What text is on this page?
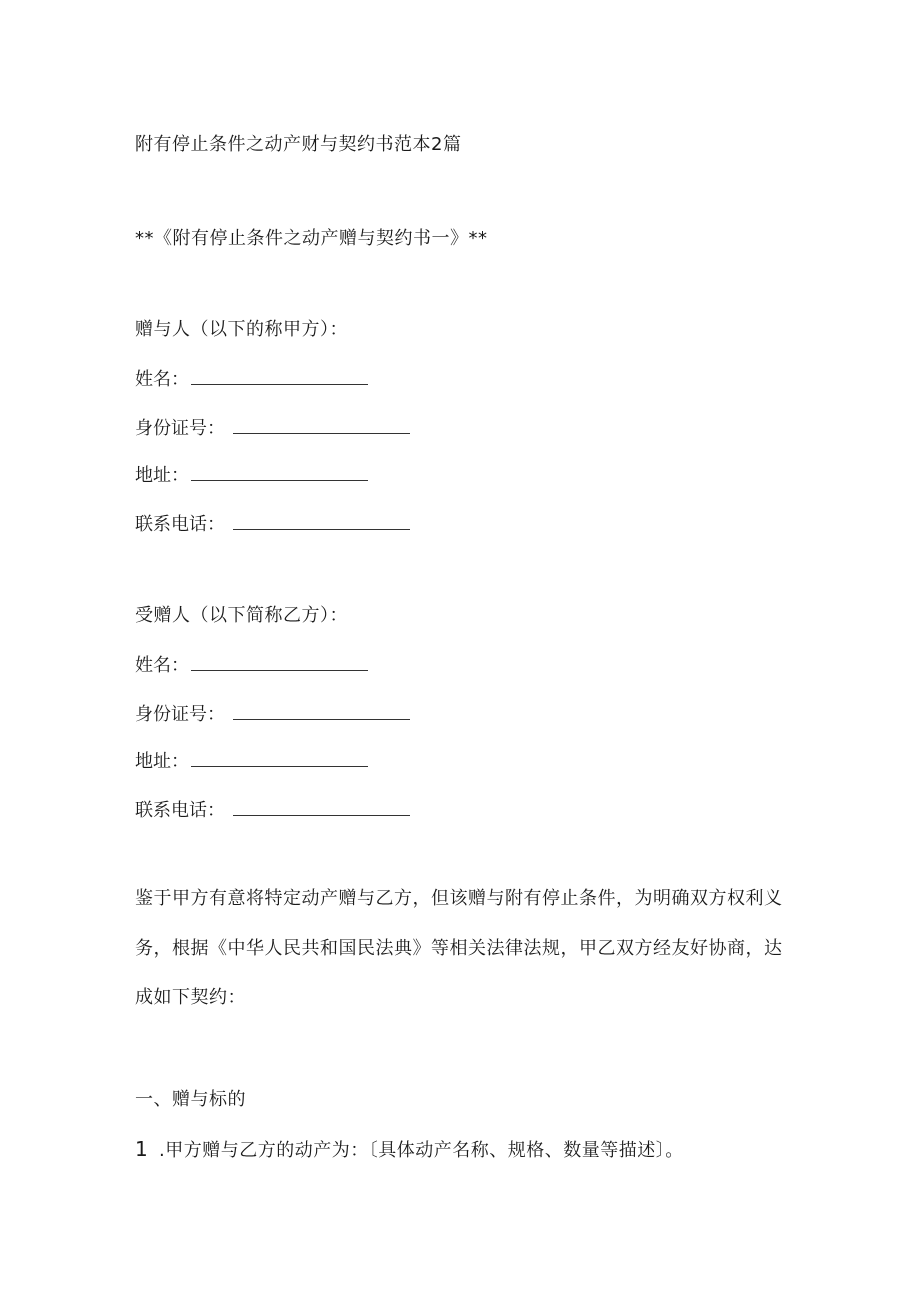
附有停止条件之动产财与契约书范本2篇
**《附有停止条件之动产赠与契约书一》**
赠与人（以下的称甲方）：
姓名：
身份证号：
地址：
联系电话：
受赠人（以下简称乙方）：
姓名：
身份证号：
地址：
联系电话：
鉴于甲方有意将特定动产赠与乙方，但该赠与附有停止条件，为明确双方权利义
务，根据《中华人民共和国民法典》等相关法律法规，甲乙双方经友好协商，达
成如下契约：
一、赠与标的
1 .甲方赠与乙方的动产为：〔具体动产名称、规格、数量等描述〕。
